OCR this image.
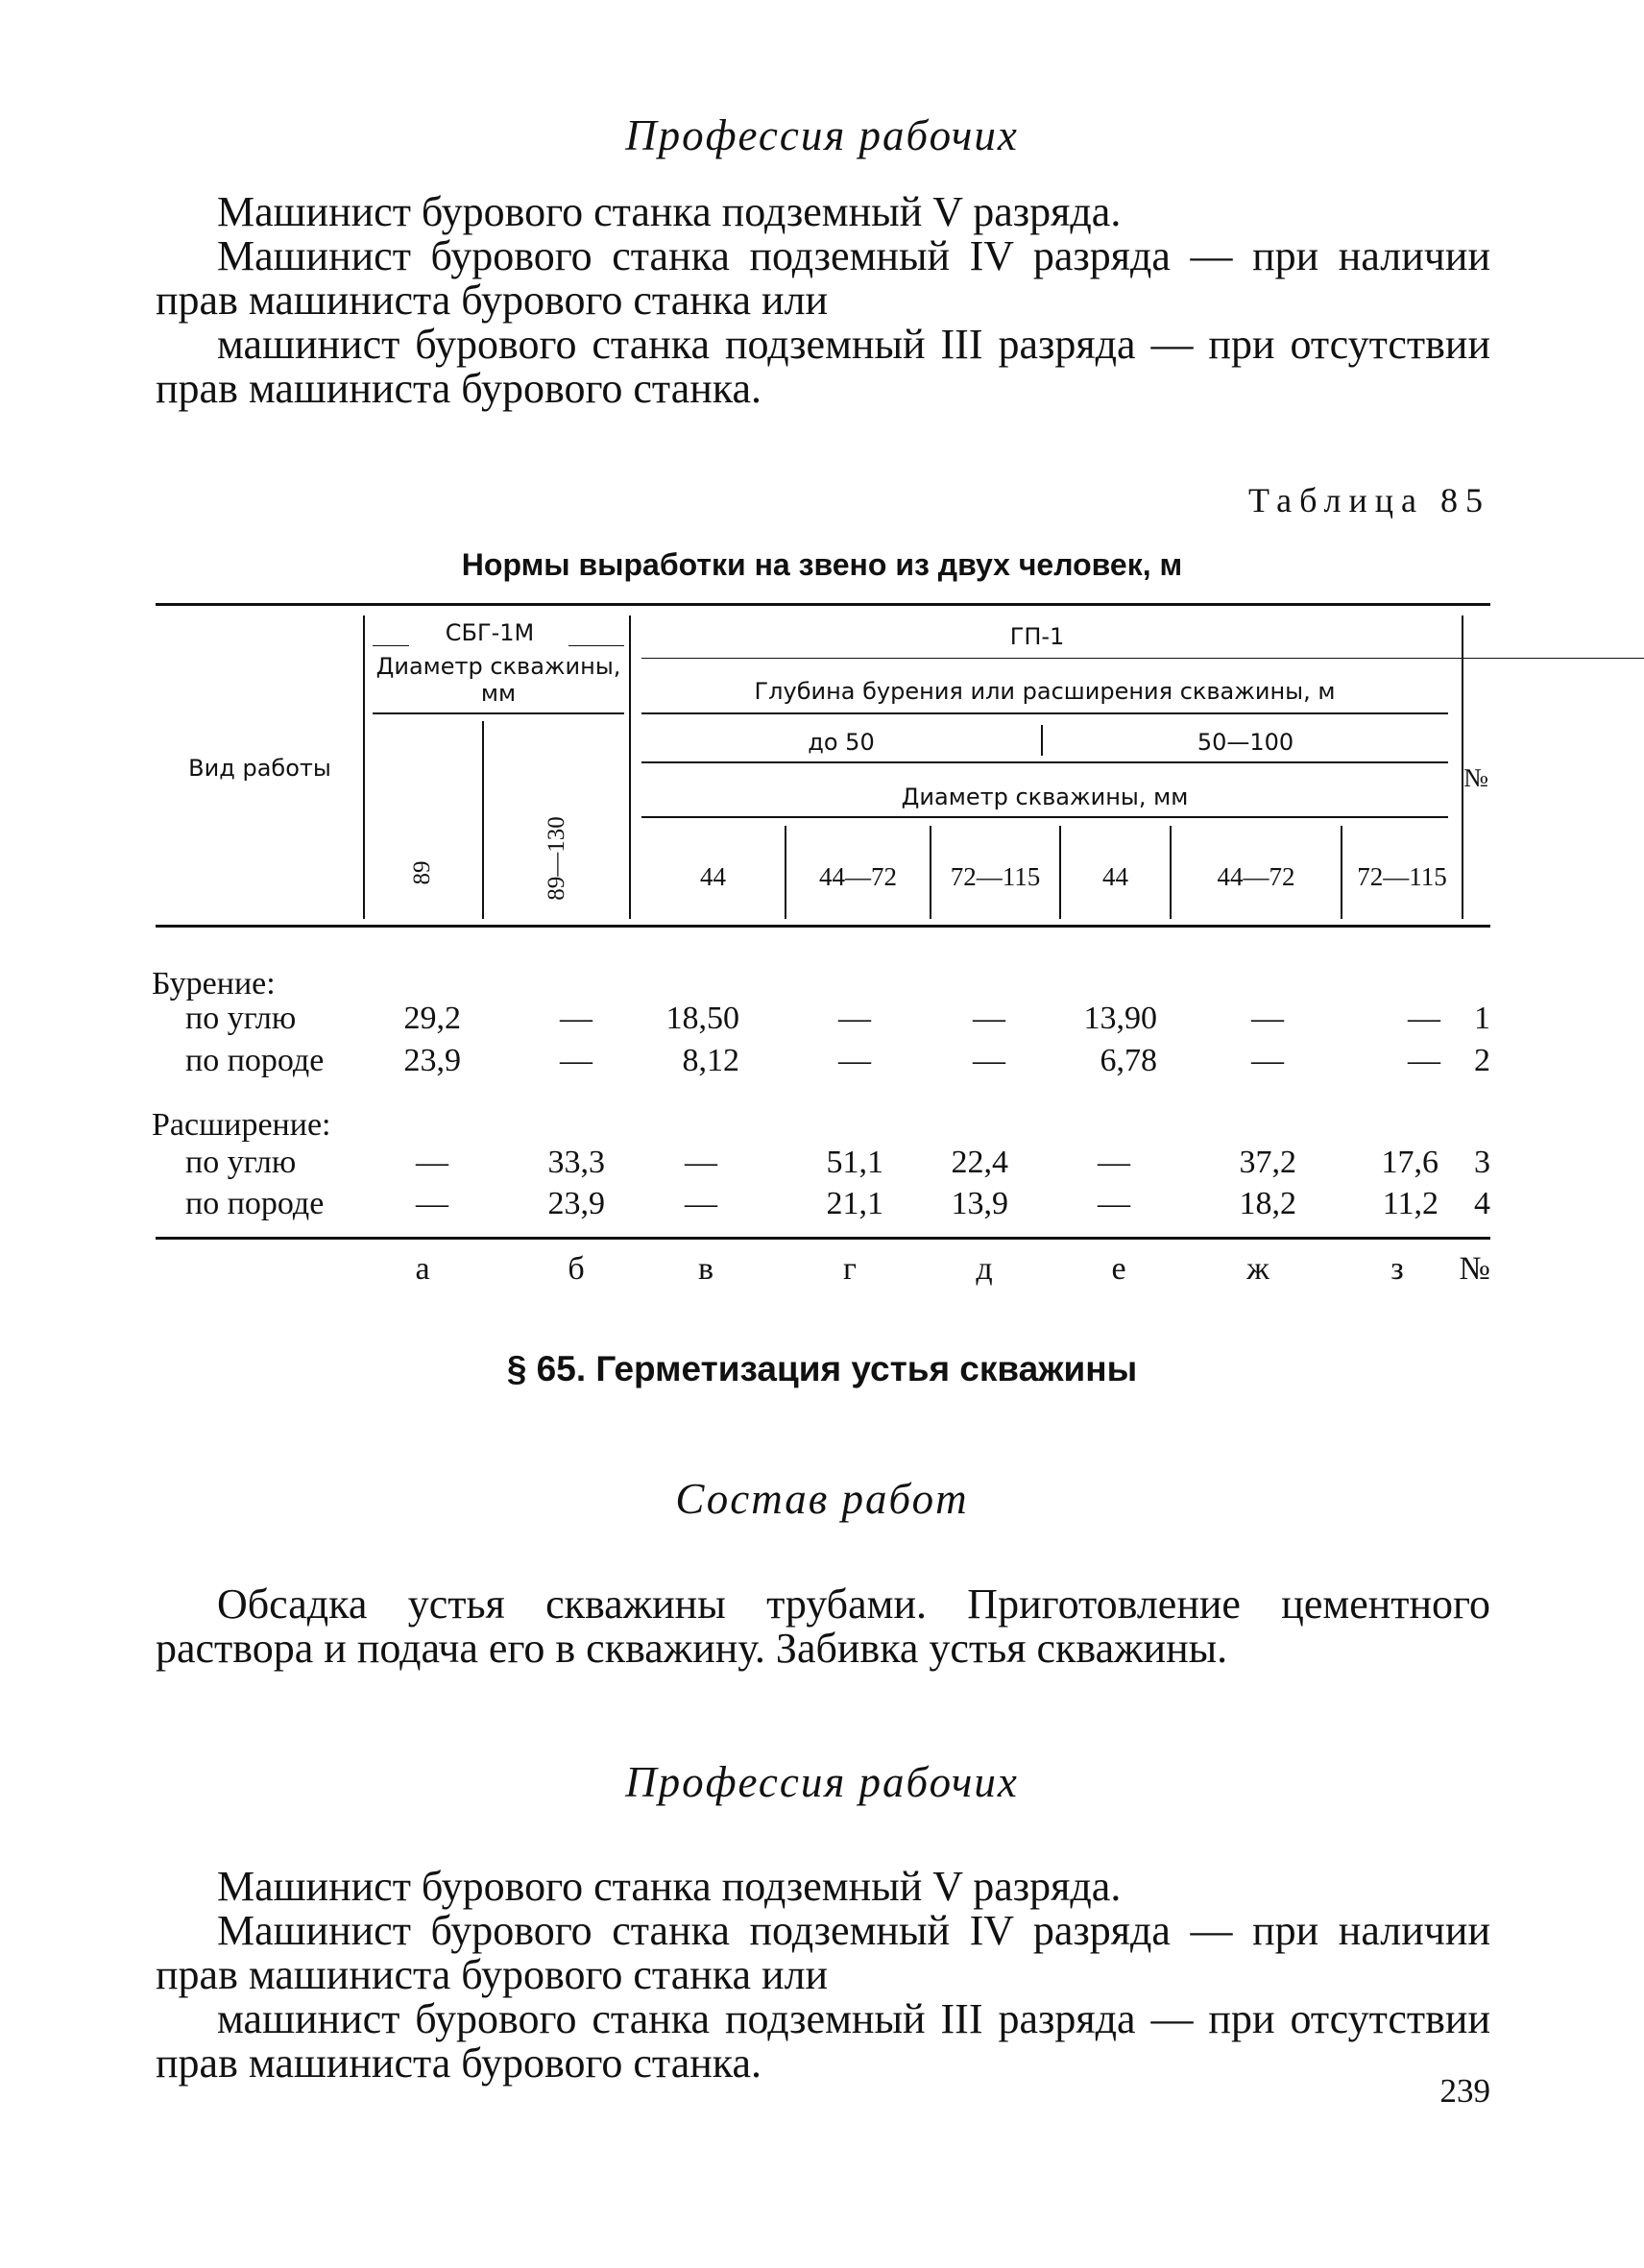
Профессия рабочих

Машинист бурового станка подземный V разряда.

Машинист бурового станка подземный IV разряда — при наличии прав машиниста бурового станка или

машинист бурового станка подземный III разряда — при отсутствии прав машиниста бурового станка.

Таблица 85
Нормы выработки на звено из двух человек, м
Вид работы
СБГ-1М
Диаметр скважины, мм
89	89—130
ГП-1
Глубина бурения или расширения скважины, м
до 50	50—100
Диаметр скважины, мм
44	44—72	72—115	44	44—72	72—115
№
Бурение:
по углю	29,2	—	18,50	—	—	13,90	—	—	1
по породе	23,9	—	8,12	—	—	6,78	—	—	2
Расширение:
по углю	—	33,3	—	51,1	22,4	—	37,2	17,6	3
по породе	—	23,9	—	21,1	13,9	—	18,2	11,2	4
а	б	в	г	д	е	ж	з	№
§ 65. Герметизация устья скважины
Состав работ

Обсадка устья скважины трубами. Приготовление цементного раствора и подача его в скважину. Забивка устья скважины.

Профессия рабочих

Машинист бурового станка подземный V разряда.

Машинист бурового станка подземный IV разряда — при наличии прав машиниста бурового станка или

машинист бурового станка подземный III разряда — при отсутствии прав машиниста бурового станка.

239
